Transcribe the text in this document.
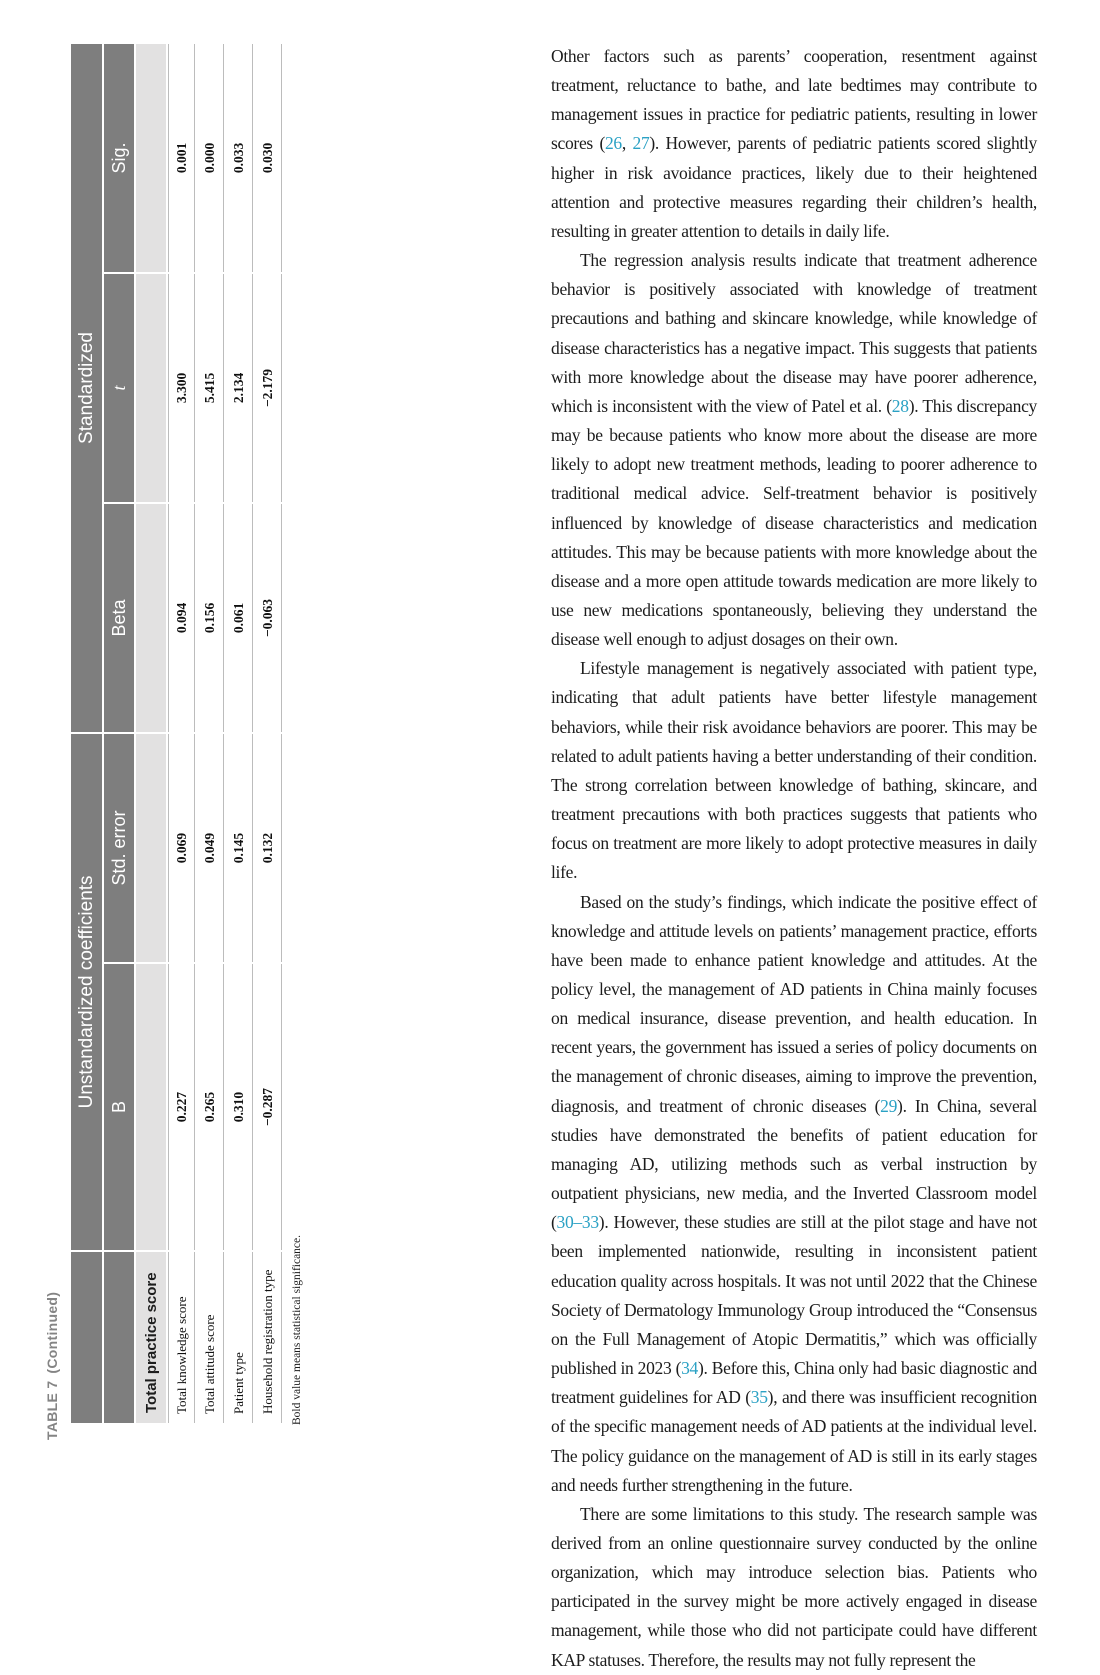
TABLE 7(Continued)
	Unstandardized coefficients		Standardized		
	B	Std. error	Beta	t	Sig.
Total practice score					
Total knowledge score	0.227	0.069	0.094	3.300	0.001
Total attitude score	0.265	0.049	0.156	5.415	0.000
Patient type	0.310	0.145	0.061	2.134	0.033
Household registration type	−0.287	0.132	−0.063	−2.179	0.030
Bold value means statistical significance.

Other factors such as parents’ cooperation, resentment against treatment, reluctance to bathe, and late bedtimes may contribute to management issues in practice for pediatric patients, resulting in lower scores (26, 27). However, parents of pediatric patients scored slightly higher in risk avoidance practices, likely due to their heightened attention and protective measures regarding their children’s health, resulting in greater attention to details in daily life.

The regression analysis results indicate that treatment adherence behavior is positively associated with knowledge of treatment precautions and bathing and skincare knowledge, while knowledge of disease characteristics has a negative impact. This suggests that patients with more knowledge about the disease may have poorer adherence, which is inconsistent with the view of Patel et al. (28). This discrepancy may be because patients who know more about the disease are more likely to adopt new treatment methods, leading to poorer adherence to traditional medical advice. Self-treatment behavior is positively influenced by knowledge of disease characteristics and medication attitudes. This may be because patients with more knowledge about the disease and a more open attitude towards medication are more likely to use new medications spontaneously, believing they understand the disease well enough to adjust dosages on their own.

Lifestyle management is negatively associated with patient type, indicating that adult patients have better lifestyle management behaviors, while their risk avoidance behaviors are poorer. This may be related to adult patients having a better understanding of their condition. The strong correlation between knowledge of bathing, skincare, and treatment precautions with both practices suggests that patients who focus on treatment are more likely to adopt protective measures in daily life.

Based on the study’s findings, which indicate the positive effect of knowledge and attitude levels on patients’ management practice, efforts have been made to enhance patient knowledge and attitudes. At the policy level, the management of AD patients in China mainly focuses on medical insurance, disease prevention, and health education. In recent years, the government has issued a series of policy documents on the management of chronic diseases, aiming to improve the prevention, diagnosis, and treatment of chronic diseases (29). In China, several studies have demonstrated the benefits of patient education for managing AD, utilizing methods such as verbal instruction by outpatient physicians, new media, and the Inverted Classroom model (30–33). However, these studies are still at the pilot stage and have not been implemented nationwide, resulting in inconsistent patient education quality across hospitals. It was not until 2022 that the Chinese Society of Dermatology Immunology Group introduced the “Consensus on the Full Management of Atopic Dermatitis,” which was officially published in 2023 (34). Before this, China only had basic diagnostic and treatment guidelines for AD (35), and there was insufficient recognition of the specific management needs of AD patients at the individual level. The policy guidance on the management of AD is still in its early stages and needs further strengthening in the future.

There are some limitations to this study. The research sample was derived from an online questionnaire survey conducted by the online organization, which may introduce selection bias. Patients who participated in the survey might be more actively engaged in disease management, while those who did not participate could have different KAP statuses. Therefore, the results may not fully represent the
